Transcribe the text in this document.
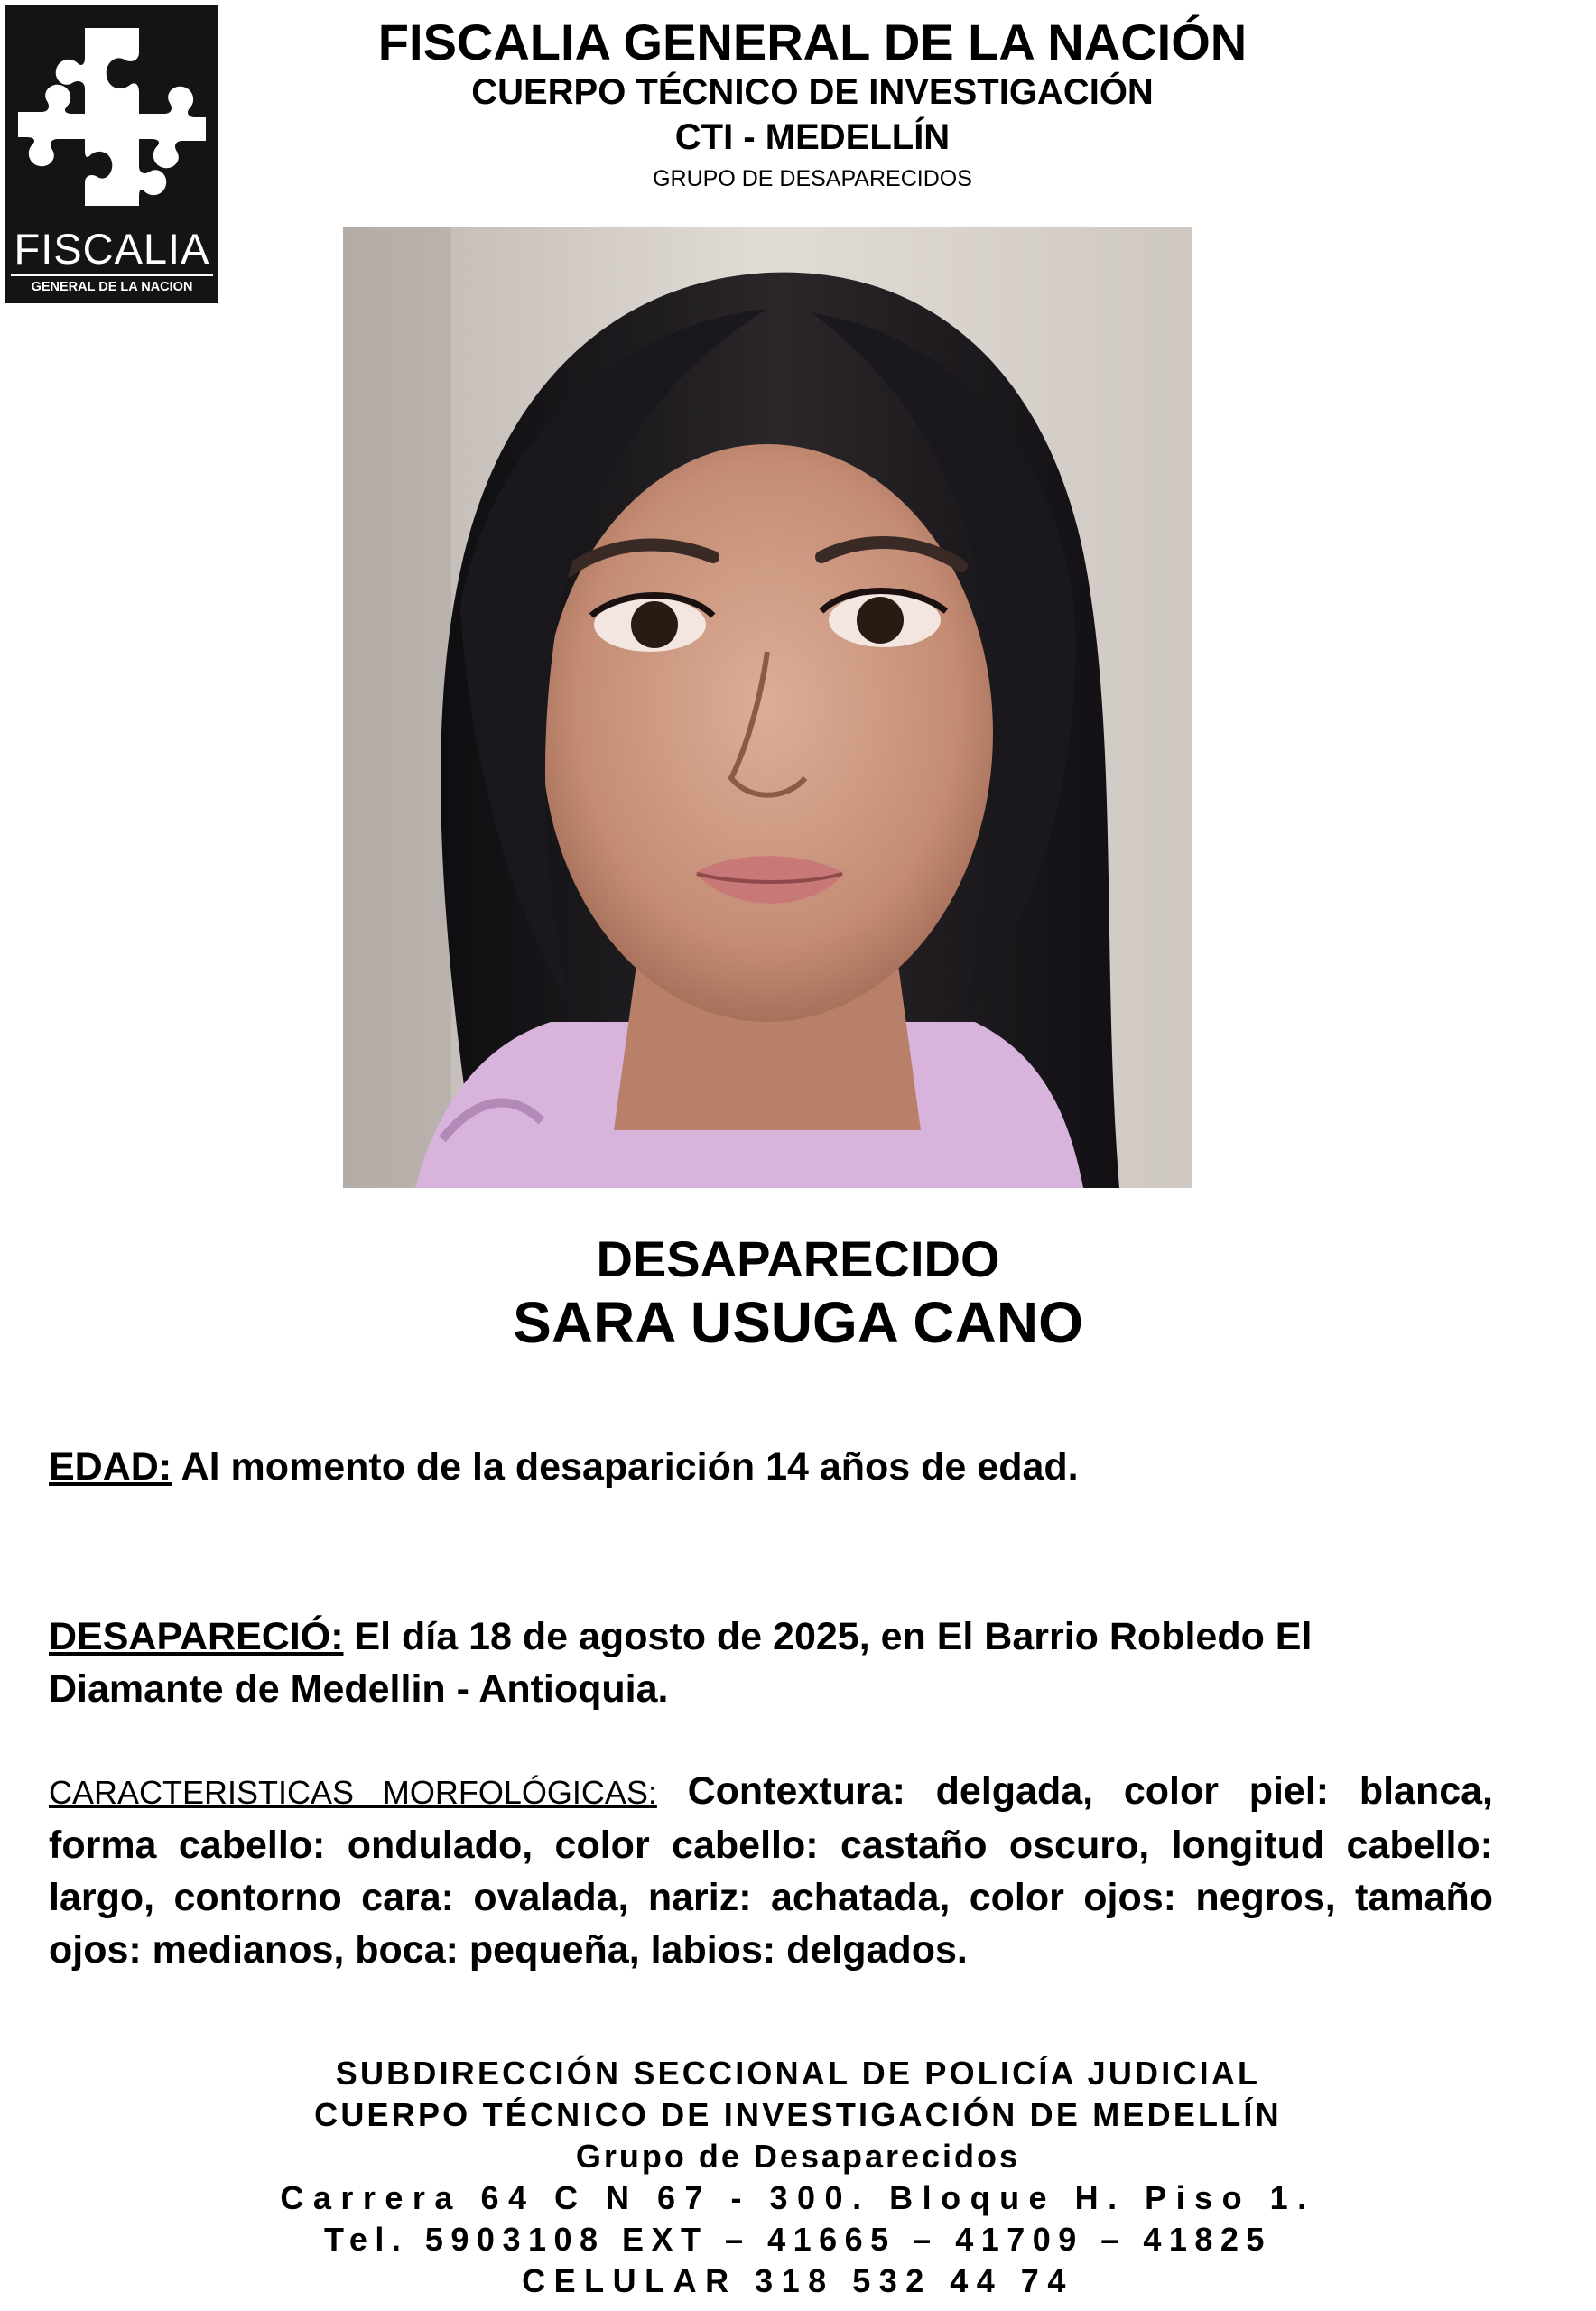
FISCALIA
GENERAL DE LA NACION
FISCALIA GENERAL DE LA NACIÓN
CUERPO TÉCNICO DE INVESTIGACIÓN
CTI - MEDELLÍN
GRUPO DE DESAPARECIDOS
DESAPARECIDO
SARA USUGA CANO
EDAD: Al momento de la desaparición 14 años de edad.
DESAPARECIÓ: El día 18 de agosto de 2025, en El Barrio Robledo El Diamante de Medellin - Antioquia.
CARACTERISTICAS MORFOLÓGICAS: Contextura: delgada, color piel: blanca, forma cabello: ondulado, color cabello: castaño oscuro, longitud cabello: largo, contorno cara: ovalada, nariz: achatada, color ojos: negros, tamaño ojos: medianos, boca: pequeña, labios: delgados.
SUBDIRECCIÓN SECCIONAL DE POLICÍA JUDICIAL
CUERPO TÉCNICO DE INVESTIGACIÓN DE MEDELLÍN
Grupo de Desaparecidos
Carrera 64 C N 67 - 300. Bloque H. Piso 1.
Tel. 5903108 EXT – 41665 – 41709 – 41825
CELULAR 318 532 44 74
